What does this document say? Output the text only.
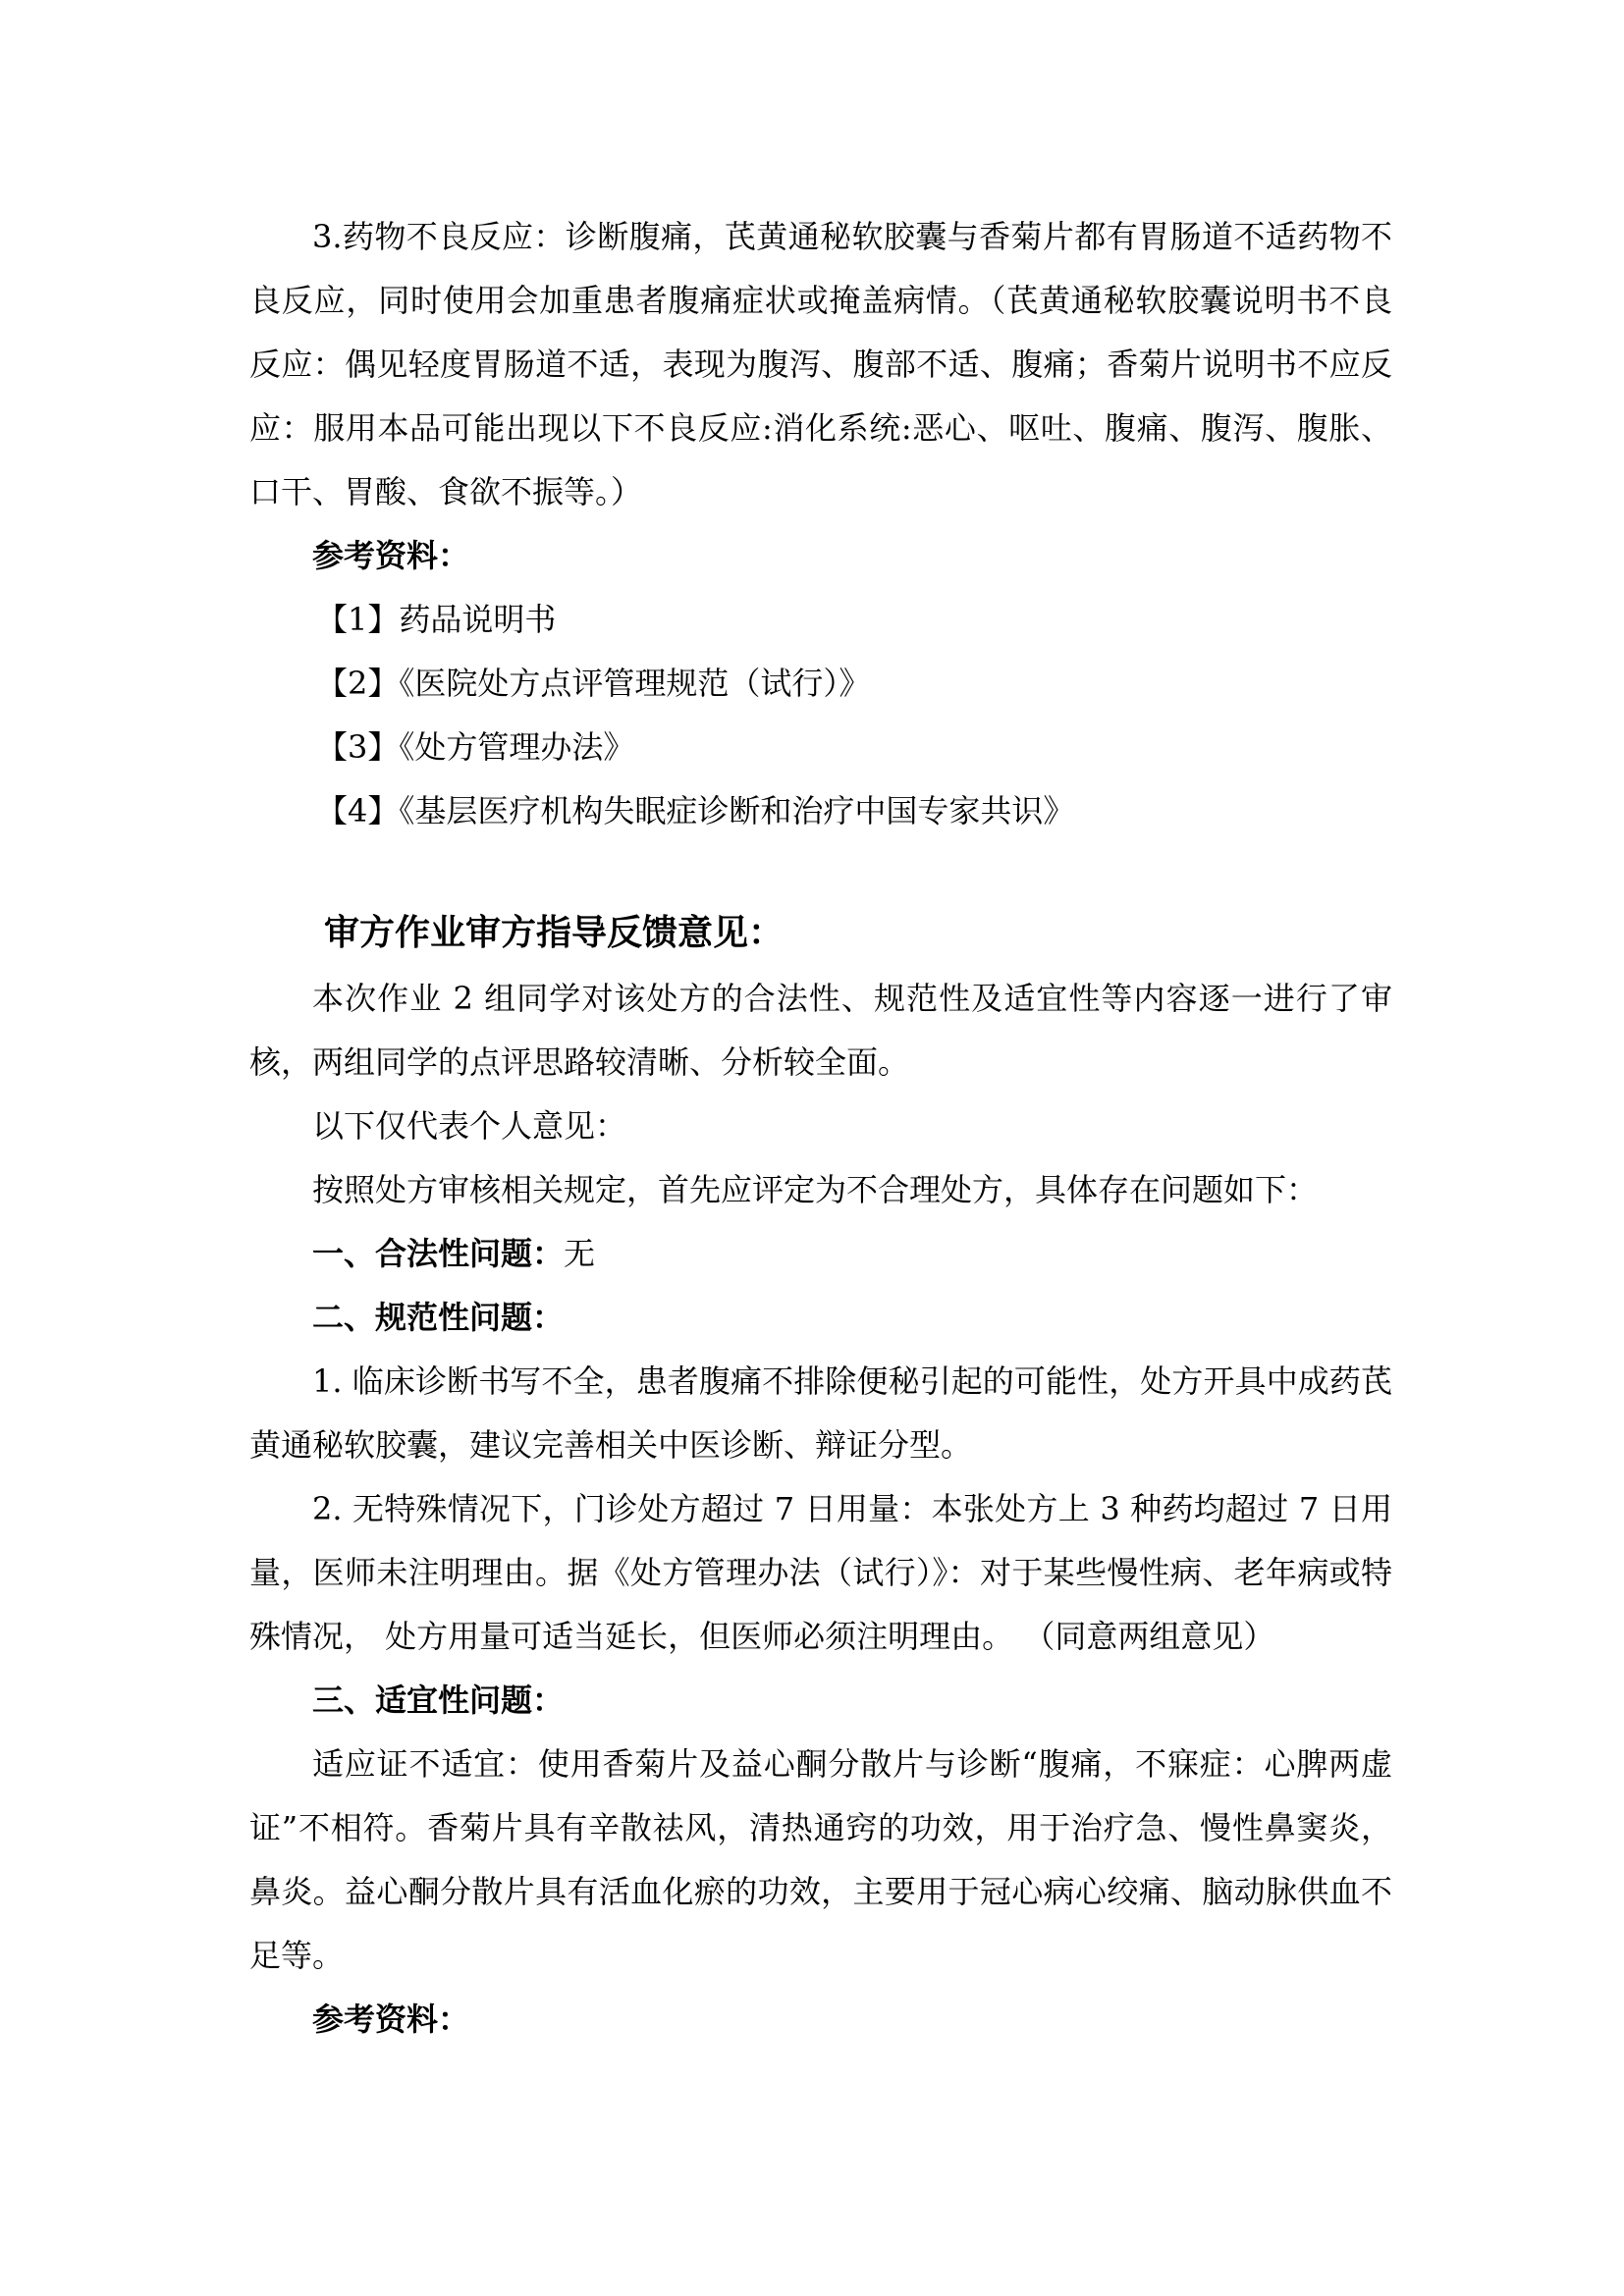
3.药物不良反应：诊断腹痛，芪黄通秘软胶囊与香菊片都有胃肠道不适药物不良反应，同时使用会加重患者腹痛症状或掩盖病情。（芪黄通秘软胶囊说明书不良反应：偶见轻度胃肠道不适，表现为腹泻、腹部不适、腹痛；香菊片说明书不应反应：服用本品可能出现以下不良反应:消化系统:恶心、呕吐、腹痛、腹泻、腹胀、口干、胃酸、食欲不振等。）

参考资料：

【1】药品说明书

【2】《医院处方点评管理规范（试行）》

【3】《处方管理办法》

【4】《基层医疗机构失眠症诊断和治疗中国专家共识》

审方作业审方指导反馈意见：

本次作业 2 组同学对该处方的合法性、规范性及适宜性等内容逐一进行了审核，两组同学的点评思路较清晰、分析较全面。

以下仅代表个人意见：

按照处方审核相关规定，首先应评定为不合理处方，具体存在问题如下：

一、合法性问题：无

二、规范性问题：

1. 临床诊断书写不全，患者腹痛不排除便秘引起的可能性，处方开具中成药芪黄通秘软胶囊，建议完善相关中医诊断、辩证分型。

2. 无特殊情况下，门诊处方超过 7 日用量：本张处方上 3 种药均超过 7 日用量，医师未注明理由。据《处方管理办法（试行）》：对于某些慢性病、老年病或特殊情况， 处方用量可适当延长，但医师必须注明理由。 （同意两组意见）

三、适宜性问题：

适应证不适宜：使用香菊片及益心酮分散片与诊断“腹痛，不寐症：心脾两虚证”不相符。香菊片具有辛散祛风，清热通窍的功效，用于治疗急、慢性鼻窦炎，鼻炎。益心酮分散片具有活血化瘀的功效，主要用于冠心病心绞痛、脑动脉供血不足等。

参考资料：
